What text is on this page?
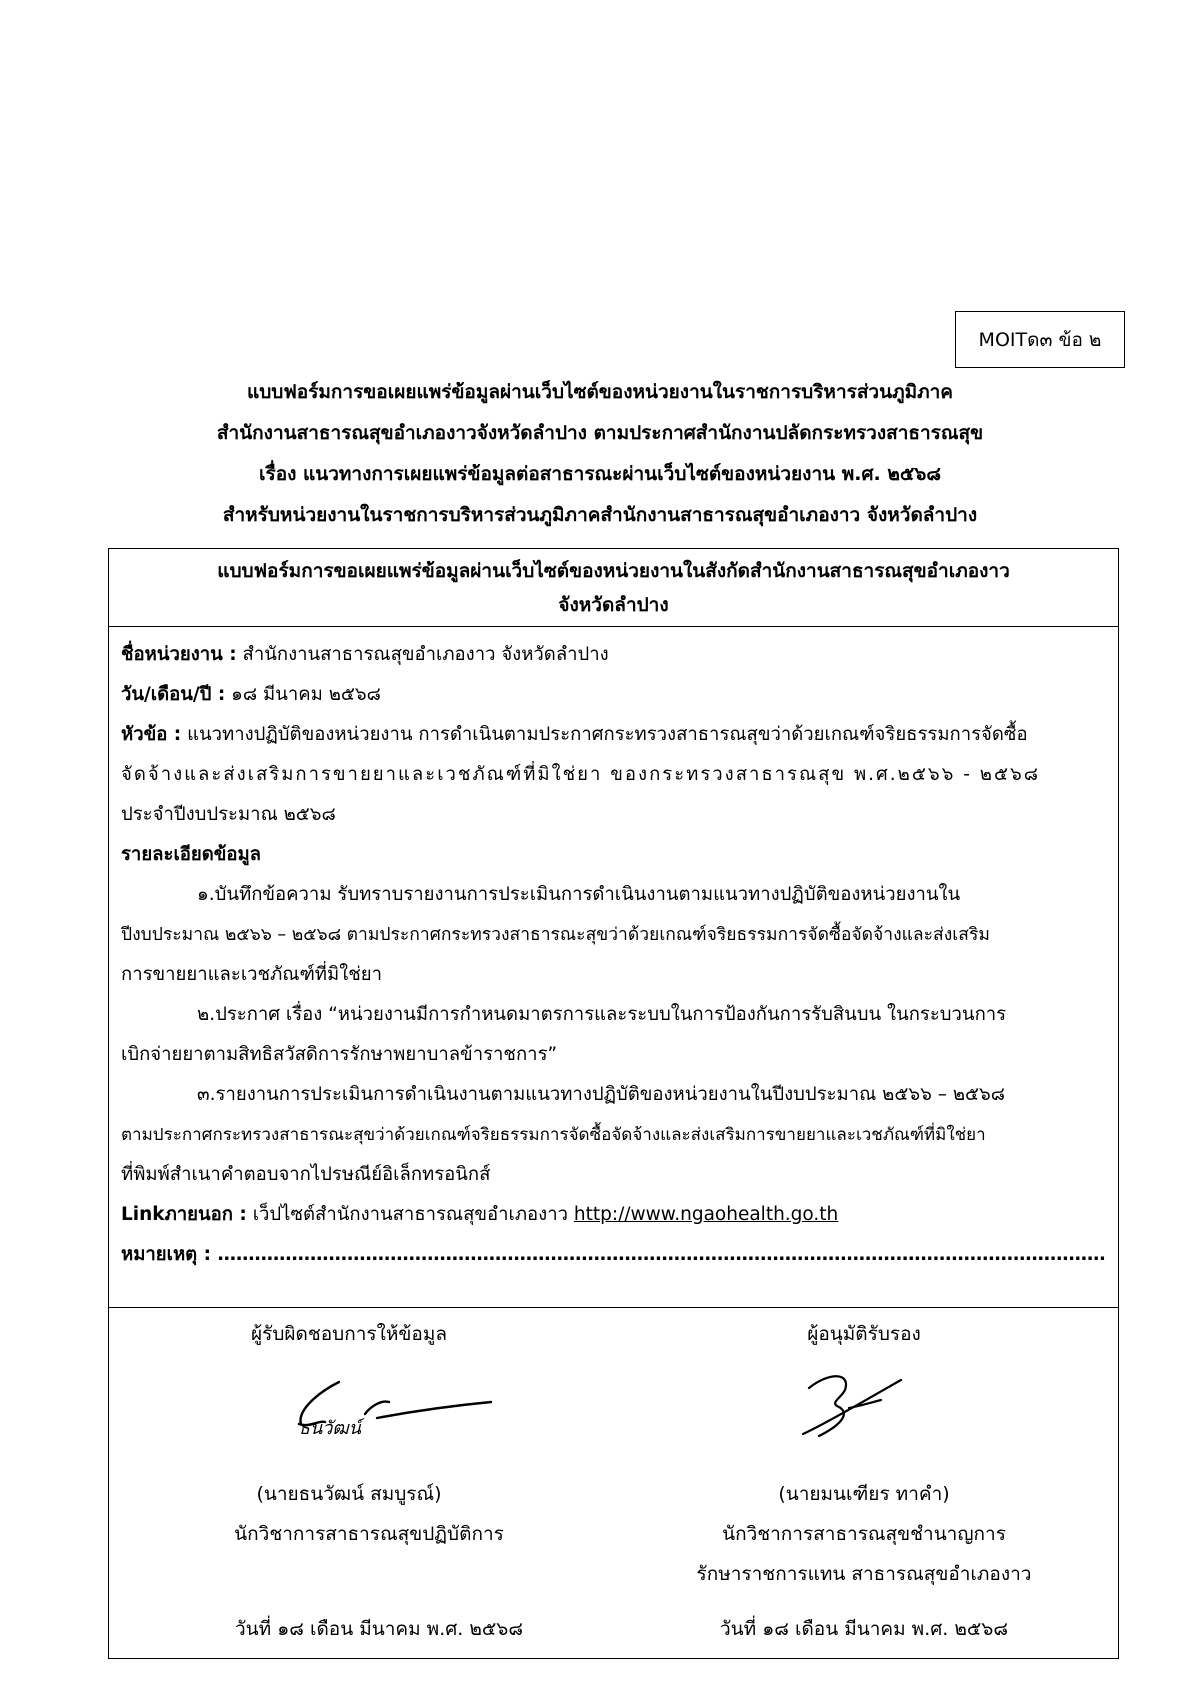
MOITด๓ ข้อ ๒
แบบฟอร์มการขอเผยแพร่ข้อมูลผ่านเว็บไซต์ของหน่วยงานในราชการบริหารส่วนภูมิภาค
สำนักงานสาธารณสุขอำเภองาวจังหวัดลำปาง ตามประกาศสำนักงานปลัดกระทรวงสาธารณสุข
เรื่อง แนวทางการเผยแพร่ข้อมูลต่อสาธารณะผ่านเว็บไซต์ของหน่วยงาน พ.ศ. ๒๕๖๘
สำหรับหน่วยงานในราชการบริหารส่วนภูมิภาคสำนักงานสาธารณสุขอำเภองาว จังหวัดลำปาง
แบบฟอร์มการขอเผยแพร่ข้อมูลผ่านเว็บไซต์ของหน่วยงานในสังกัดสำนักงานสาธารณสุขอำเภองาว
จังหวัดลำปาง
ชื่อหน่วยงาน : สำนักงานสาธารณสุขอำเภองาว จังหวัดลำปาง
วัน/เดือน/ปี : ๑๘ มีนาคม ๒๕๖๘
หัวข้อ : แนวทางปฏิบัติของหน่วยงาน การดำเนินตามประกาศกระทรวงสาธารณสุขว่าด้วยเกณฑ์จริยธรรมการจัดซื้อ
จัดจ้างและส่งเสริมการขายยาและเวชภัณฑ์ที่มิใช่ยา ของกระทรวงสาธารณสุข พ.ศ.๒๕๖๖ - ๒๕๖๘
ประจำปีงบประมาณ ๒๕๖๘
รายละเอียดข้อมูล
๑.บันทึกข้อความ รับทราบรายงานการประเมินการดำเนินงานตามแนวทางปฏิบัติของหน่วยงานใน
ปีงบประมาณ ๒๕๖๖ – ๒๕๖๘ ตามประกาศกระทรวงสาธารณะสุขว่าด้วยเกณฑ์จริยธรรมการจัดซื้อจัดจ้างและส่งเสริม
การขายยาและเวชภัณฑ์ที่มิใช่ยา
๒.ประกาศ เรื่อง “หน่วยงานมีการกำหนดมาตรการและระบบในการป้องกันการรับสินบน ในกระบวนการ
เบิกจ่ายยาตามสิทธิสวัสดิการรักษาพยาบาลข้าราชการ”
๓.รายงานการประเมินการดำเนินงานตามแนวทางปฏิบัติของหน่วยงานในปีงบประมาณ ๒๕๖๖ – ๒๕๖๘
ตามประกาศกระทรวงสาธารณะสุขว่าด้วยเกณฑ์จริยธรรมการจัดซื้อจัดจ้างและส่งเสริมการขายยาและเวชภัณฑ์ที่มิใช่ยา
ที่พิมพ์สำเนาคำตอบจากไปรษณีย์อิเล็กทรอนิกส์
Linkภายนอก : เว็ปไซต์สำนักงานสาธารณสุขอำเภองาว http://www.ngaohealth.go.th
หมายเหตุ : ………………………………………………………………………………………………………………………………
ผู้รับผิดชอบการให้ข้อมูล
ธนวัฒน์
(นายธนวัฒน์ สมบูรณ์)
นักวิชาการสาธารณสุขปฏิบัติการ
ผู้อนุมัติรับรอง
(นายมนเฑียร ทาคำ)
นักวิชาการสาธารณสุขชำนาญการ
รักษาราชการแทน สาธารณสุขอำเภองาว
วันที่ ๑๘ เดือน มีนาคม พ.ศ. ๒๕๖๘	วันที่ ๑๘ เดือน มีนาคม พ.ศ. ๒๕๖๘
